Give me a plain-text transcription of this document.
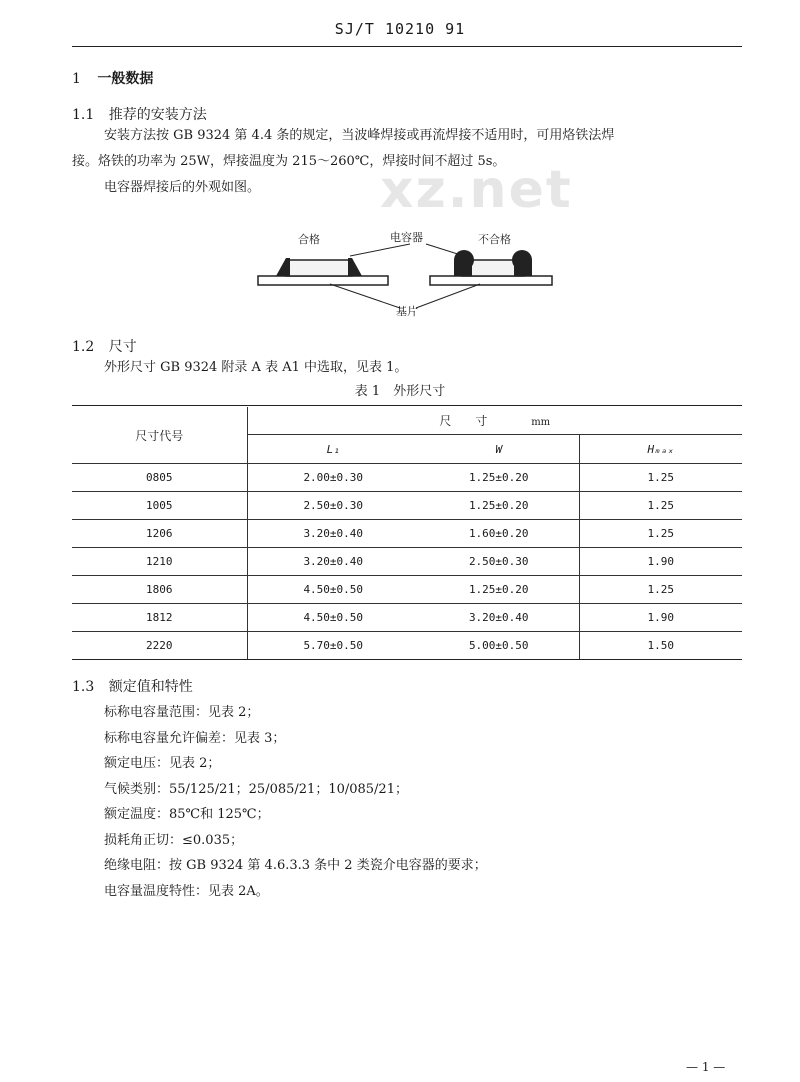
xz.net
SJ/T 10210 91
1 一般数据
1.1 推荐的安装方法
安装方法按 GB 9324 第 4.4 条的规定，当波峰焊接或再流焊接不适用时，可用烙铁法焊
接。烙铁的功率为 25W，焊接温度为 215～260℃，焊接时间不超过 5s。
电容器焊接后的外观如图。
合格	电容器	不合格
基片
1.2 尺寸
外形尺寸 GB 9324 附录 A 表 A1 中选取，见表 1。
表 1　外形尺寸
尺寸代号	尺　　寸 mm		
	L₁	W	Hₘₐₓ
0805	2.00±0.30	1.25±0.20	1.25
1005	2.50±0.30	1.25±0.20	1.25
1206	3.20±0.40	1.60±0.20	1.25
1210	3.20±0.40	2.50±0.30	1.90
1806	4.50±0.50	1.25±0.20	1.25
1812	4.50±0.50	3.20±0.40	1.90
2220	5.70±0.50	5.00±0.50	1.50
1.3 额定值和特性
标称电容量范围：见表 2；
标称电容量允许偏差：见表 3；
额定电压：见表 2；
气候类别：55/125/21；25/085/21；10/085/21；
额定温度：85℃和 125℃；
损耗角正切：≤0.035；
绝缘电阻：按 GB 9324 第 4.6.3.3 条中 2 类瓷介电容器的要求；
电容量温度特性：见表 2A。
— 1 —
